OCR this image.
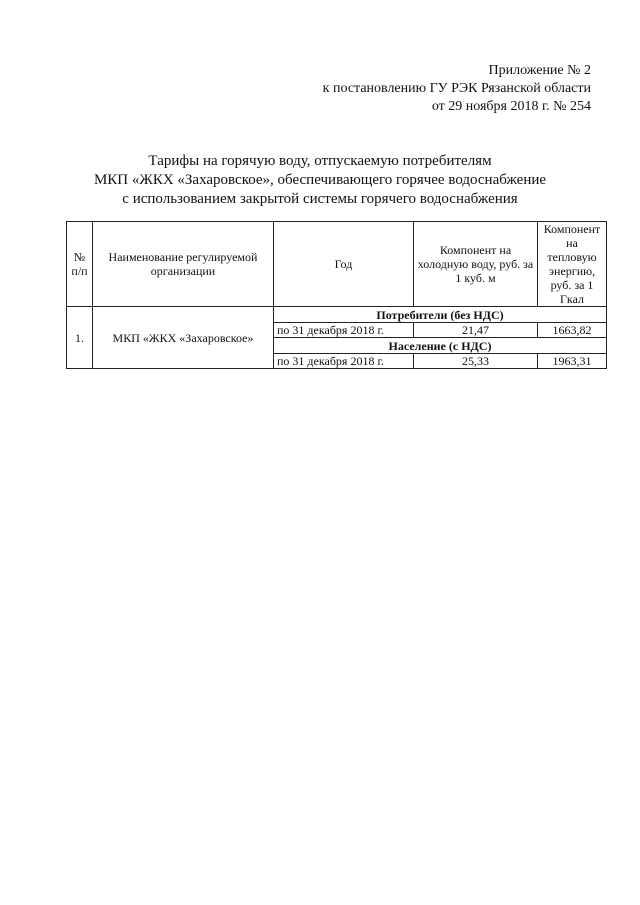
Приложение № 2
к постановлению ГУ РЭК Рязанской области
от 29 ноября 2018 г. № 254
Тарифы на горячую воду, отпускаемую потребителям
МКП «ЖКХ «Захаровское», обеспечивающего горячее водоснабжение
с использованием закрытой системы горячего водоснабжения
№ п/п	Наименование регулируемой организации	Год	Компонент на холодную воду, руб. за 1 куб. м	Компонент на тепловую энергию, руб. за 1 Гкал
1.	МКП «ЖКХ «Захаровское»	Потребители (без НДС)		
		по 31 декабря 2018 г.	21,47	1663,82
		Население (с НДС)		
		по 31 декабря 2018 г.	25,33	1963,31
